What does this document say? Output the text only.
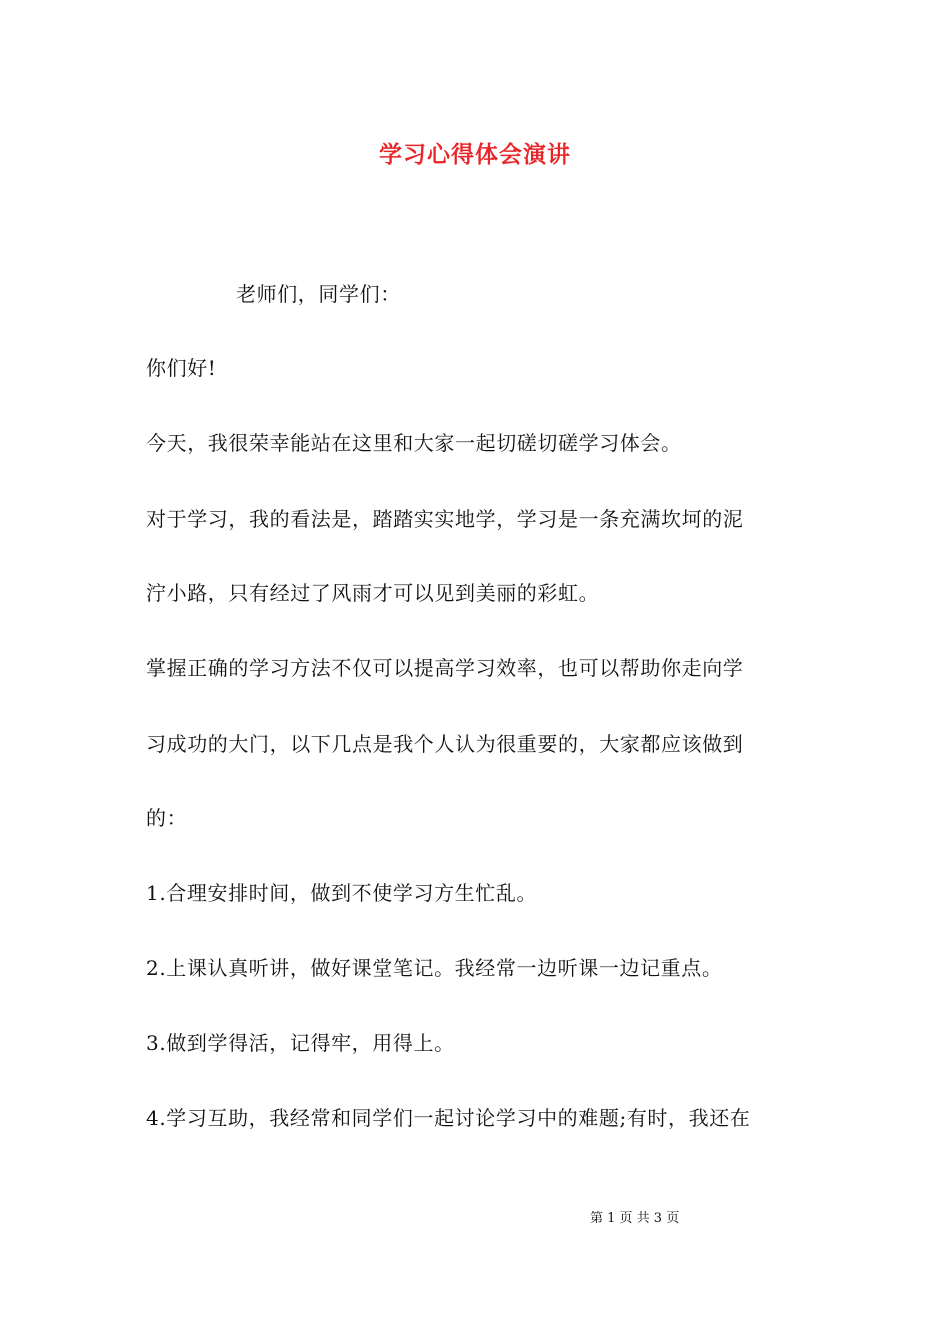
学习心得体会演讲
老师们，同学们：
你们好!
今天，我很荣幸能站在这里和大家一起切磋切磋学习体会。
对于学习，我的看法是，踏踏实实地学，学习是一条充满坎坷的泥
泞小路，只有经过了风雨才可以见到美丽的彩虹。
掌握正确的学习方法不仅可以提高学习效率，也可以帮助你走向学
习成功的大门，以下几点是我个人认为很重要的，大家都应该做到
的：
1.合理安排时间，做到不使学习方生忙乱。
2.上课认真听讲，做好课堂笔记。我经常一边听课一边记重点。
3.做到学得活，记得牢，用得上。
4.学习互助，我经常和同学们一起讨论学习中的难题;有时，我还在
第 1 页 共 3 页
